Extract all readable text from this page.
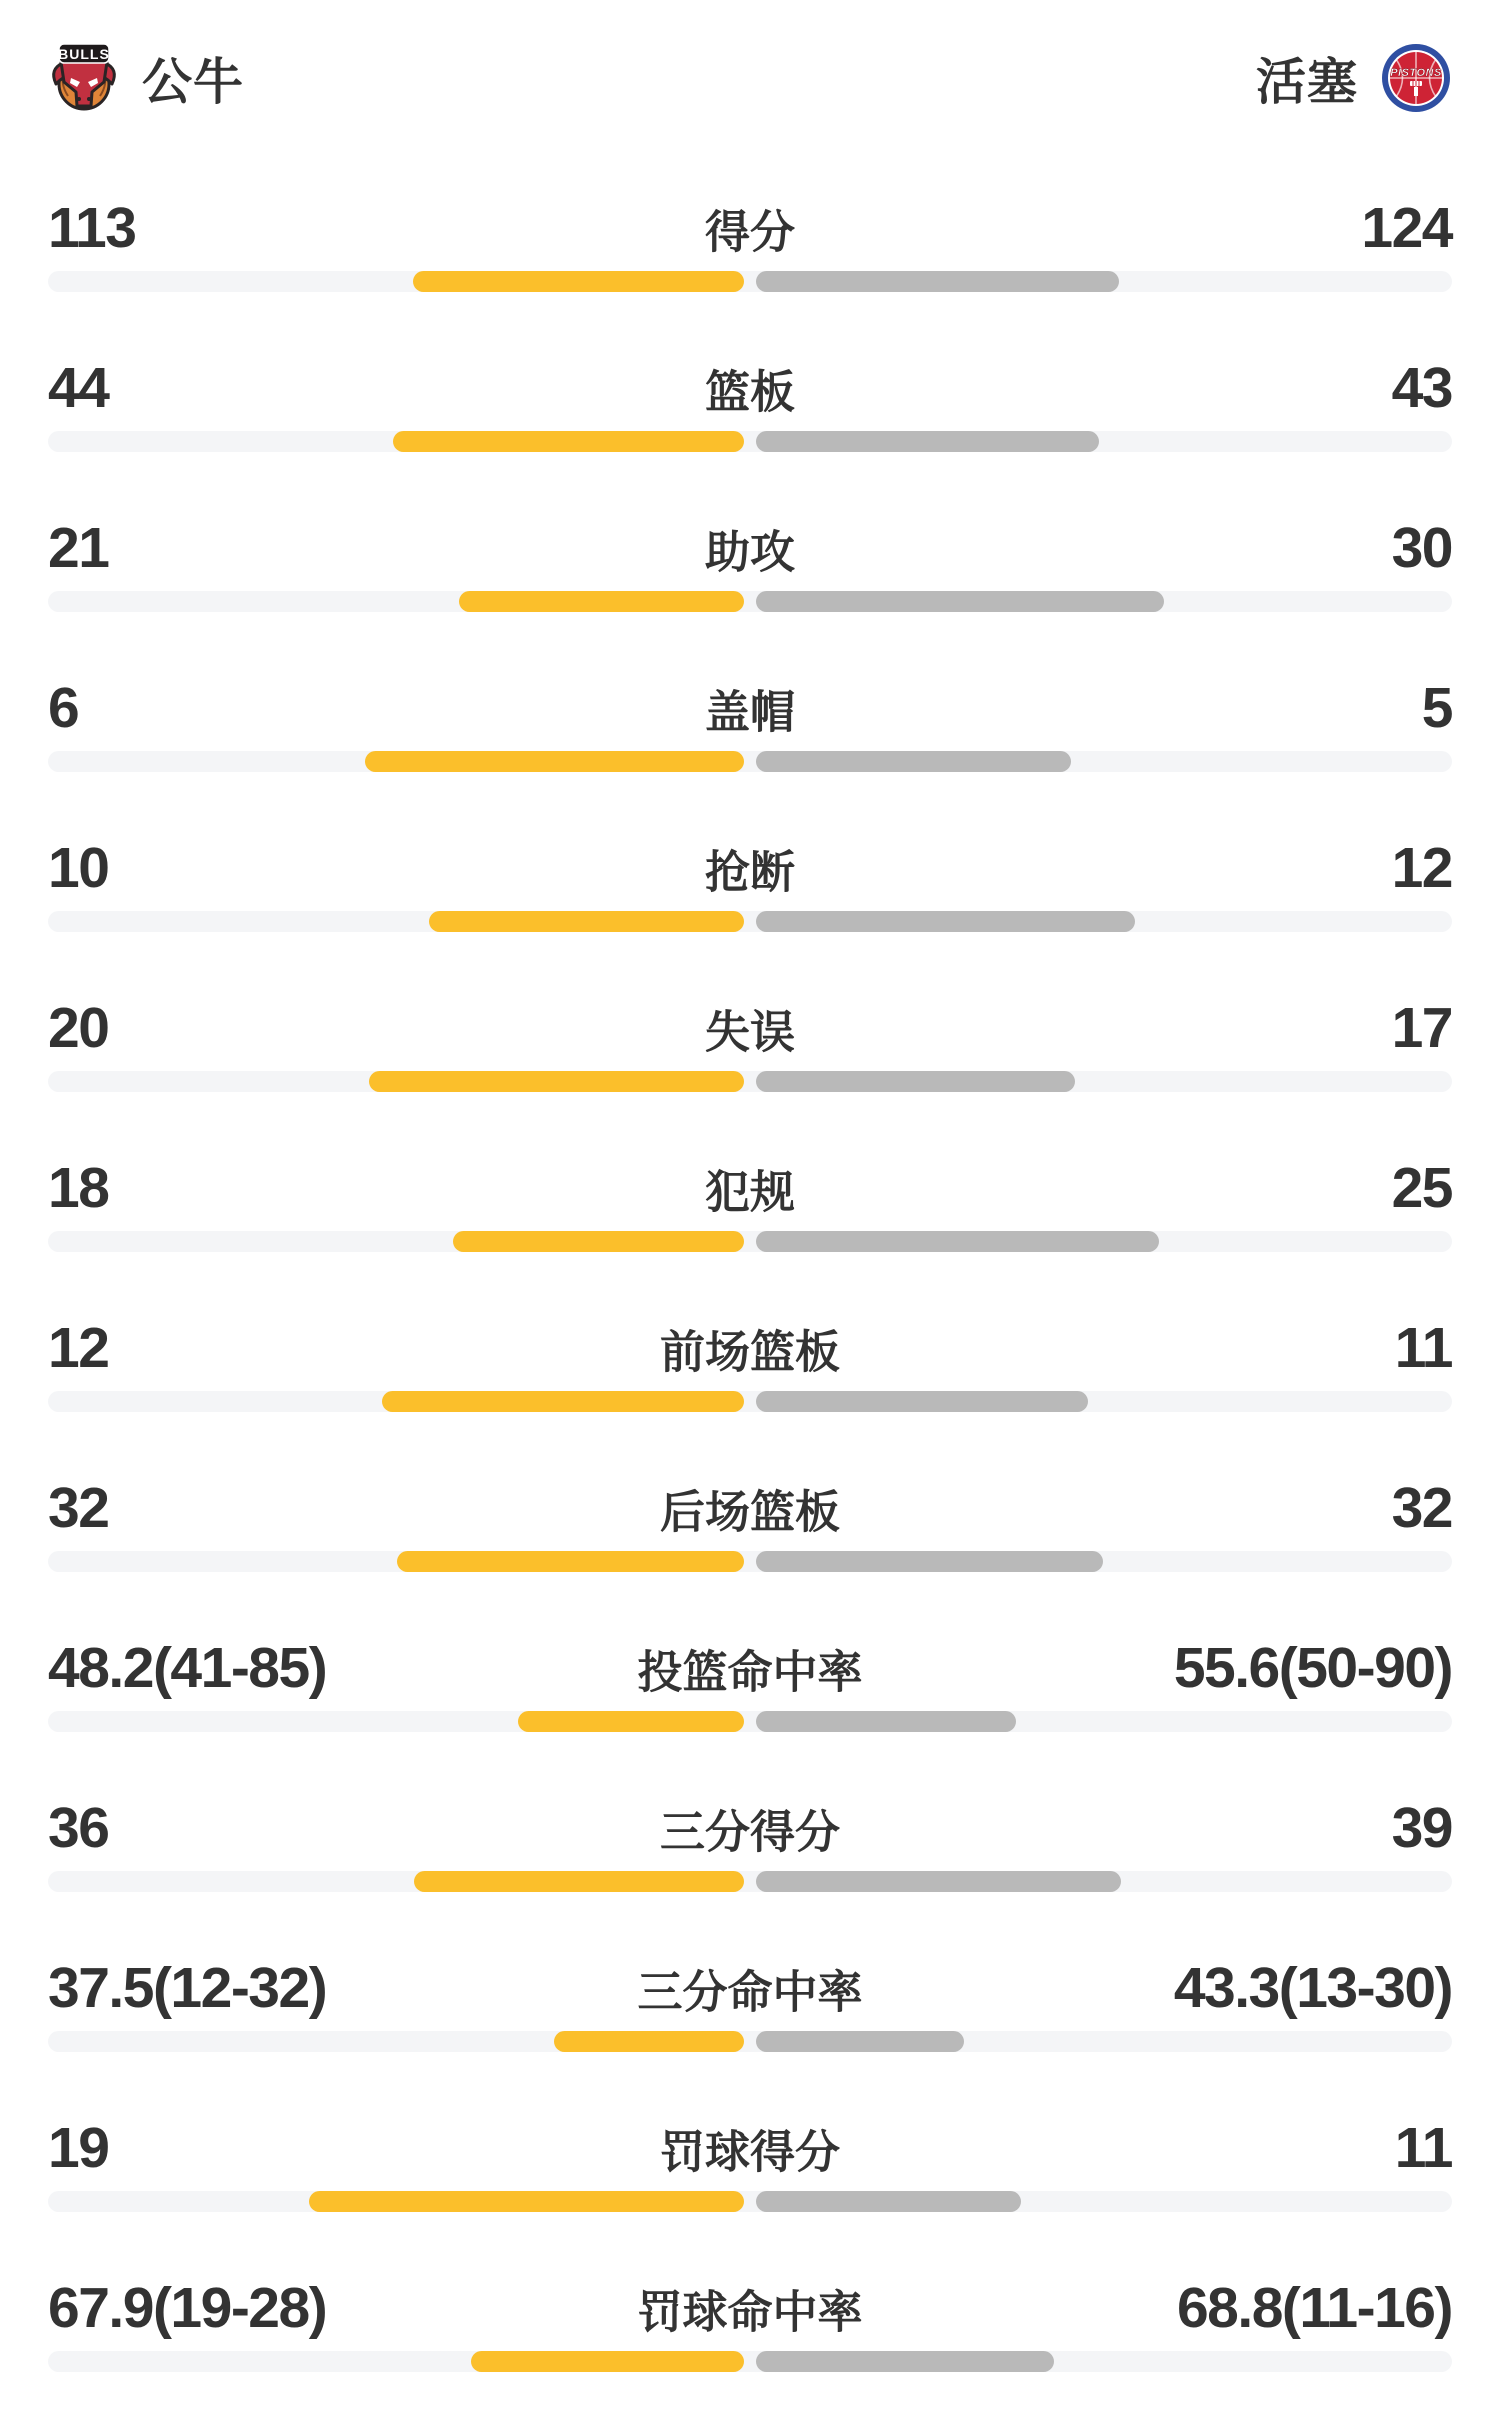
BULLS 公牛	活塞	PISTONS
113	得分	124
44	篮板	43
21	助攻	30
6	盖帽	5
10	抢断	12
20	失误	17
18	犯规	25
12	前场篮板	11
32	后场篮板	32
48.2(41-85)	投篮命中率	55.6(50-90)
36	三分得分	39
37.5(12-32)	三分命中率	43.3(13-30)
19	罚球得分	11
67.9(19-28)	罚球命中率	68.8(11-16)
